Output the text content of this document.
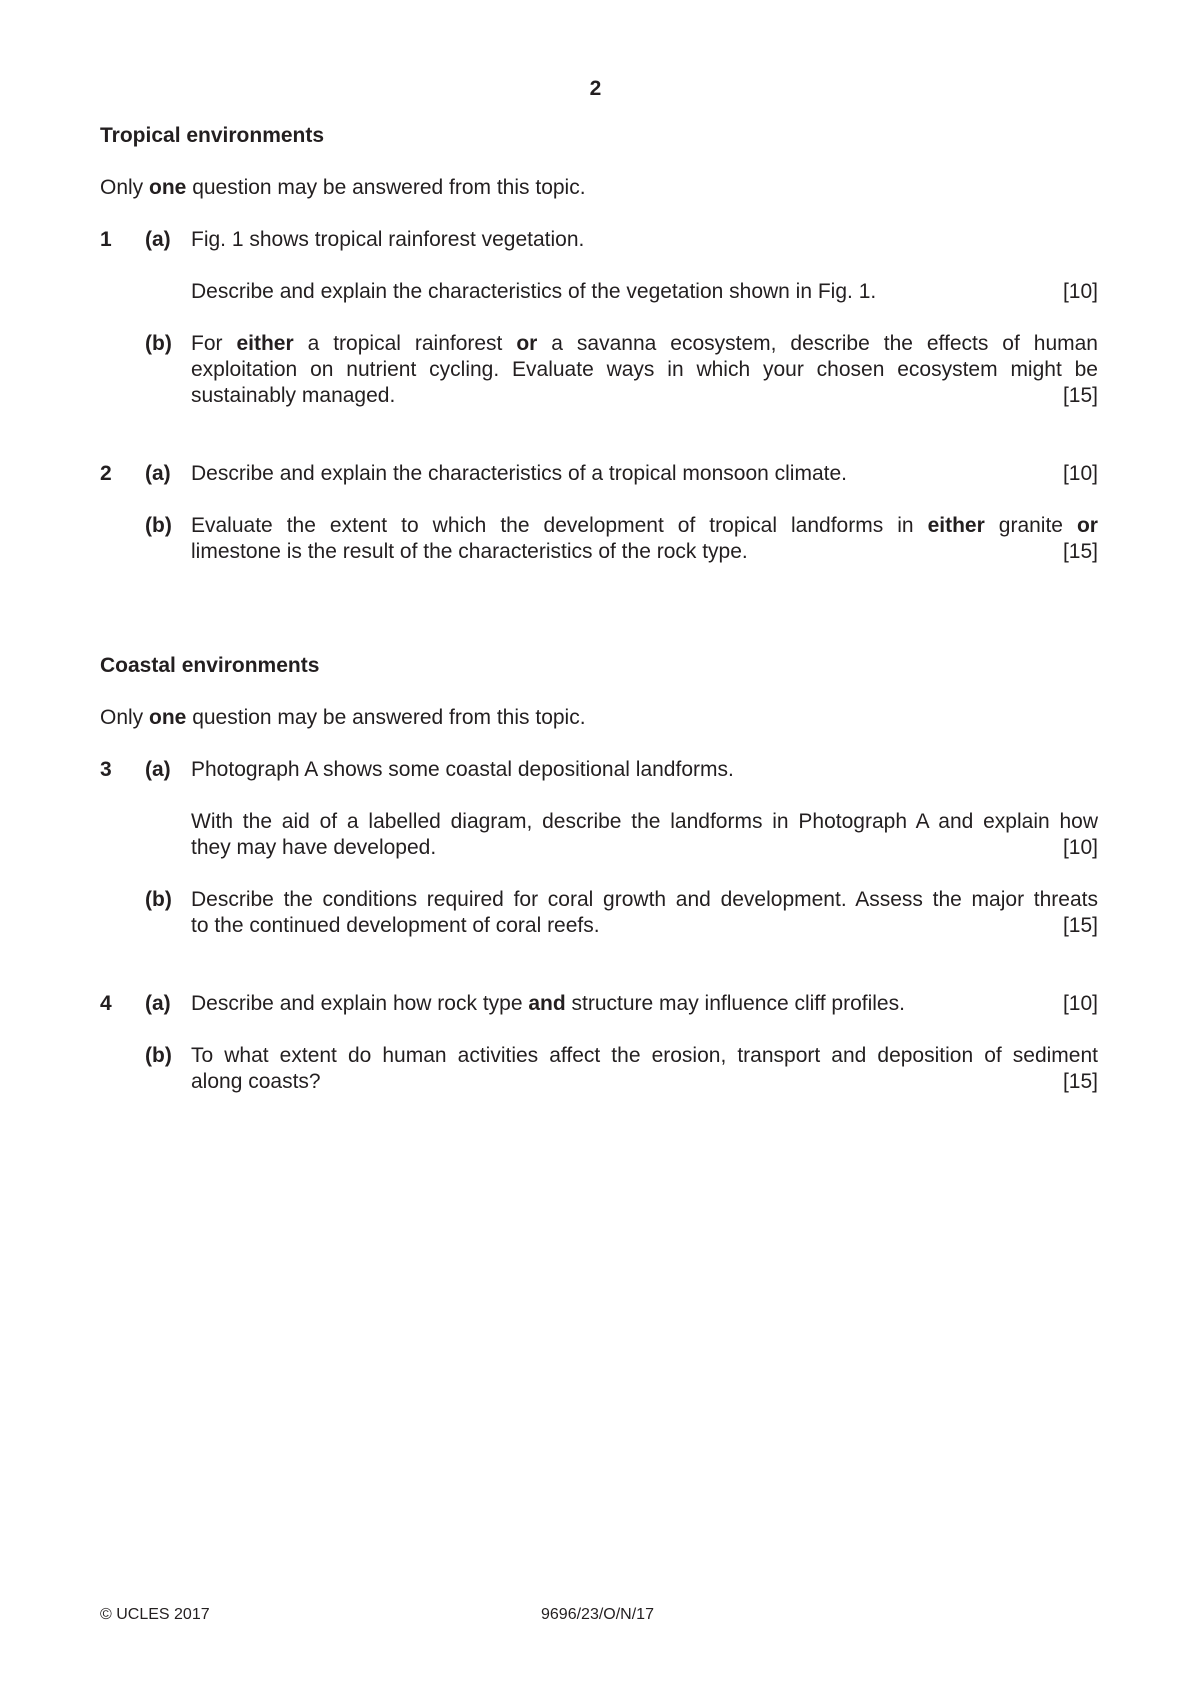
2
Tropical environments
Only one question may be answered from this topic.
1 (a) Fig. 1 shows tropical rainforest vegetation.
Describe and explain the characteristics of the vegetation shown in Fig. 1.	[10]
(b) For either a tropical rainforest or a savanna ecosystem, describe the effects of human
exploitation on nutrient cycling. Evaluate ways in which your chosen ecosystem might be
sustainably managed.	[15]
2 (a) Describe and explain the characteristics of a tropical monsoon climate.	[10]
(b) Evaluate the extent to which the development of tropical landforms in either granite or
limestone is the result of the characteristics of the rock type.	[15]
Coastal environments
Only one question may be answered from this topic.
3 (a) Photograph A shows some coastal depositional landforms.
With the aid of a labelled diagram, describe the landforms in Photograph A and explain how
they may have developed.	[10]
(b) Describe the conditions required for coral growth and development. Assess the major threats
to the continued development of coral reefs.	[15]
4 (a) Describe and explain how rock type and structure may influence cliff profiles.	[10]
(b) To what extent do human activities affect the erosion, transport and deposition of sediment
along coasts?	[15]
© UCLES 2017	9696/23/O/N/17
